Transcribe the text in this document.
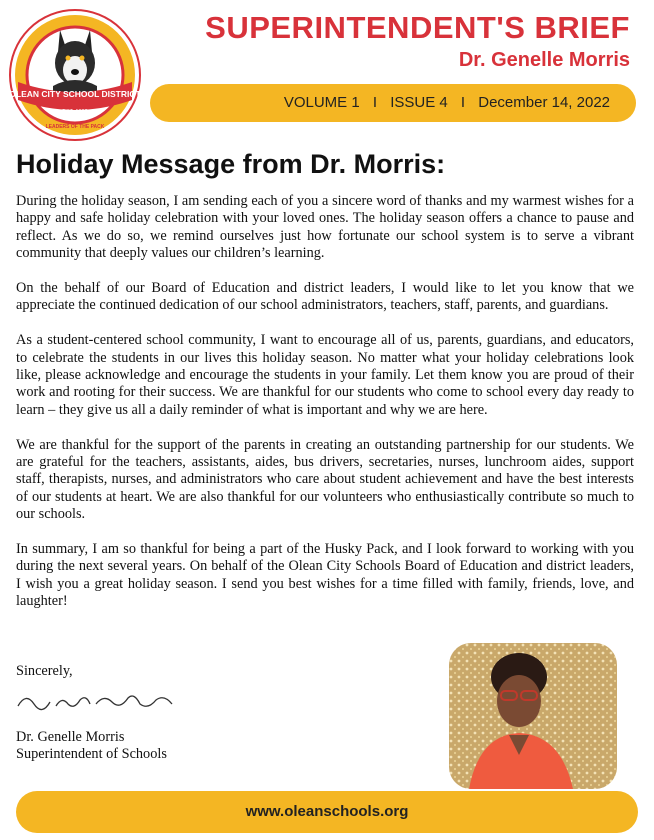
OLEAN CITY SCHOOL DISTRICT
EST. 1868
LEADERS OF THE PACK
SUPERINTENDENT'S BRIEF
Dr. Genelle Morris
VOLUME 1 I ISSUE 4 I December 14, 2022
Holiday Message from Dr. Morris:

During the holiday season, I am sending each of you a sincere word of thanks and my warmest wishes for a happy and safe holiday celebration with your loved ones. The holiday season offers a chance to pause and reflect. As we do so, we remind ourselves just how fortunate our school system is to serve a vibrant community that deeply values our children’s learning.

On the behalf of our Board of Education and district leaders, I would like to let you know that we appreciate the continued dedication of our school administrators, teachers, staff, parents, and guardians.

As a student-centered school community, I want to encourage all of us, parents, guardians, and educators, to celebrate the students in our lives this holiday season. No matter what your holiday celebrations look like, please acknowledge and encourage the students in your family. Let them know you are proud of their work and rooting for their success. We are thankful for our students who come to school every day ready to learn – they give us all a daily reminder of what is important and why we are here.

We are thankful for the support of the parents in creating an outstanding partnership for our students. We are grateful for the teachers, assistants, aides, bus drivers, secretaries, nurses, lunchroom aides, support staff, therapists, nurses, and administrators who care about student achievement and have the best interests of our students at heart. We are also thankful for our volunteers who enthusiastically contribute so much to our schools.

In summary, I am so thankful for being a part of the Husky Pack, and I look forward to working with you during the next several years. On behalf of the Olean City Schools Board of Education and district leaders, I wish you a great holiday season. I send you best wishes for a time filled with family, friends, love, and laughter!

Sincerely,
Dr. Genelle Morris
Superintendent of Schools
www.oleanschools.org
